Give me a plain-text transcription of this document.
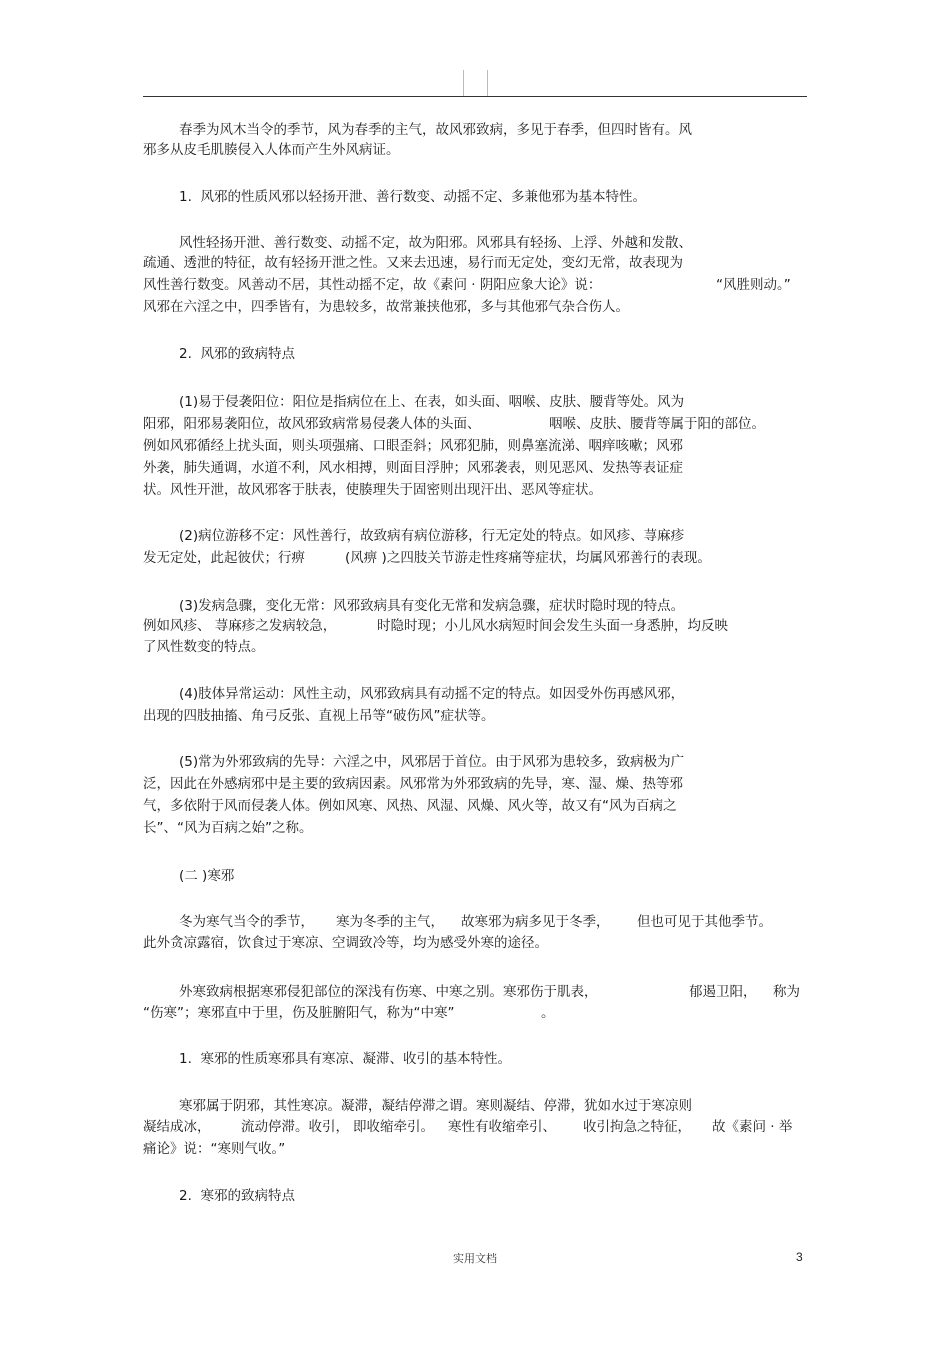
春季为风木当令的季节，风为春季的主气，故风邪致病，多见于春季，但四时皆有。风
邪多从皮毛肌腠侵入人体而产生外风病证。
1.  风邪的性质风邪以轻扬开泄、善行数变、动摇不定、多兼他邪为基本特性。
风性轻扬开泄、善行数变、动摇不定，故为阳邪。风邪具有轻扬、上浮、外越和发散、
疏通、透泄的特征，故有轻扬开泄之性。又来去迅速，易行而无定处，变幻无常，故表现为
风性善行数变。风善动不居，其性动摇不定，故《素问 · 阴阳应象大论》说：	“风胜则动。”
风邪在六淫之中，四季皆有，为患较多，故常兼挟他邪，多与其他邪气杂合伤人。
2.  风邪的致病特点
(1)易于侵袭阳位：阳位是指病位在上、在表，如头面、咽喉、皮肤、腰背等处。风为
阳邪，阳邪易袭阳位，故风邪致病常易侵袭人体的头面、	咽喉、皮肤、腰背等属于阳的部位。
例如风邪循经上扰头面，则头项强痛、口眼歪斜；风邪犯肺，则鼻塞流涕、咽痒咳嗽；风邪
外袭，肺失通调，水道不利，风水相搏，则面目浮肿；风邪袭表，则见恶风、发热等表证症
状。风性开泄，故风邪客于肤表，使腠理失于固密则出现汗出、恶风等症状。
(2)病位游移不定：风性善行，故致病有病位游移，行无定处的特点。如风疹、荨麻疹
发无定处，此起彼伏；行痹	(风痹 )之四肢关节游走性疼痛等症状，均属风邪善行的表现。
(3)发病急骤，变化无常：风邪致病具有变化无常和发病急骤，症状时隐时现的特点。
例如风疹、 荨麻疹之发病较急，	时隐时现；小儿风水病短时间会发生头面一身悉肿，均反映
了风性数变的特点。
(4)肢体异常运动：风性主动，风邪致病具有动摇不定的特点。如因受外伤再感风邪，
出现的四肢抽搐、角弓反张、直视上吊等“破伤风”症状等。
(5)常为外邪致病的先导：六淫之中，风邪居于首位。由于风邪为患较多，致病极为广
泛，因此在外感病邪中是主要的致病因素。风邪常为外邪致病的先导，寒、湿、燥、热等邪
气，多依附于风而侵袭人体。例如风寒、风热、风湿、风燥、风火等，故又有“风为百病之
长”、“风为百病之始”之称。
(二 )寒邪
冬为寒气当令的季节， 寒为冬季的主气， 故寒邪为病多见于冬季， 但也可见于其他季节。
此外贪凉露宿，饮食过于寒凉、空调致冷等，均为感受外寒的途径。
外寒致病根据寒邪侵犯部位的深浅有伤寒、中寒之别。寒邪伤于肌表，	郁遏卫阳， 称为
“伤寒”；寒邪直中于里，伤及脏腑阳气，称为“中寒”	。
1.  寒邪的性质寒邪具有寒凉、凝滞、收引的基本特性。
寒邪属于阴邪，其性寒凉。凝滞，凝结停滞之谓。寒则凝结、停滞，犹如水过于寒凉则
凝结成冰， 流动停滞。收引， 即收缩牵引。 寒性有收缩牵引、 收引拘急之特征， 故《素问 · 举
痛论》说：“寒则气收。”
2.  寒邪的致病特点
实用文档	3
